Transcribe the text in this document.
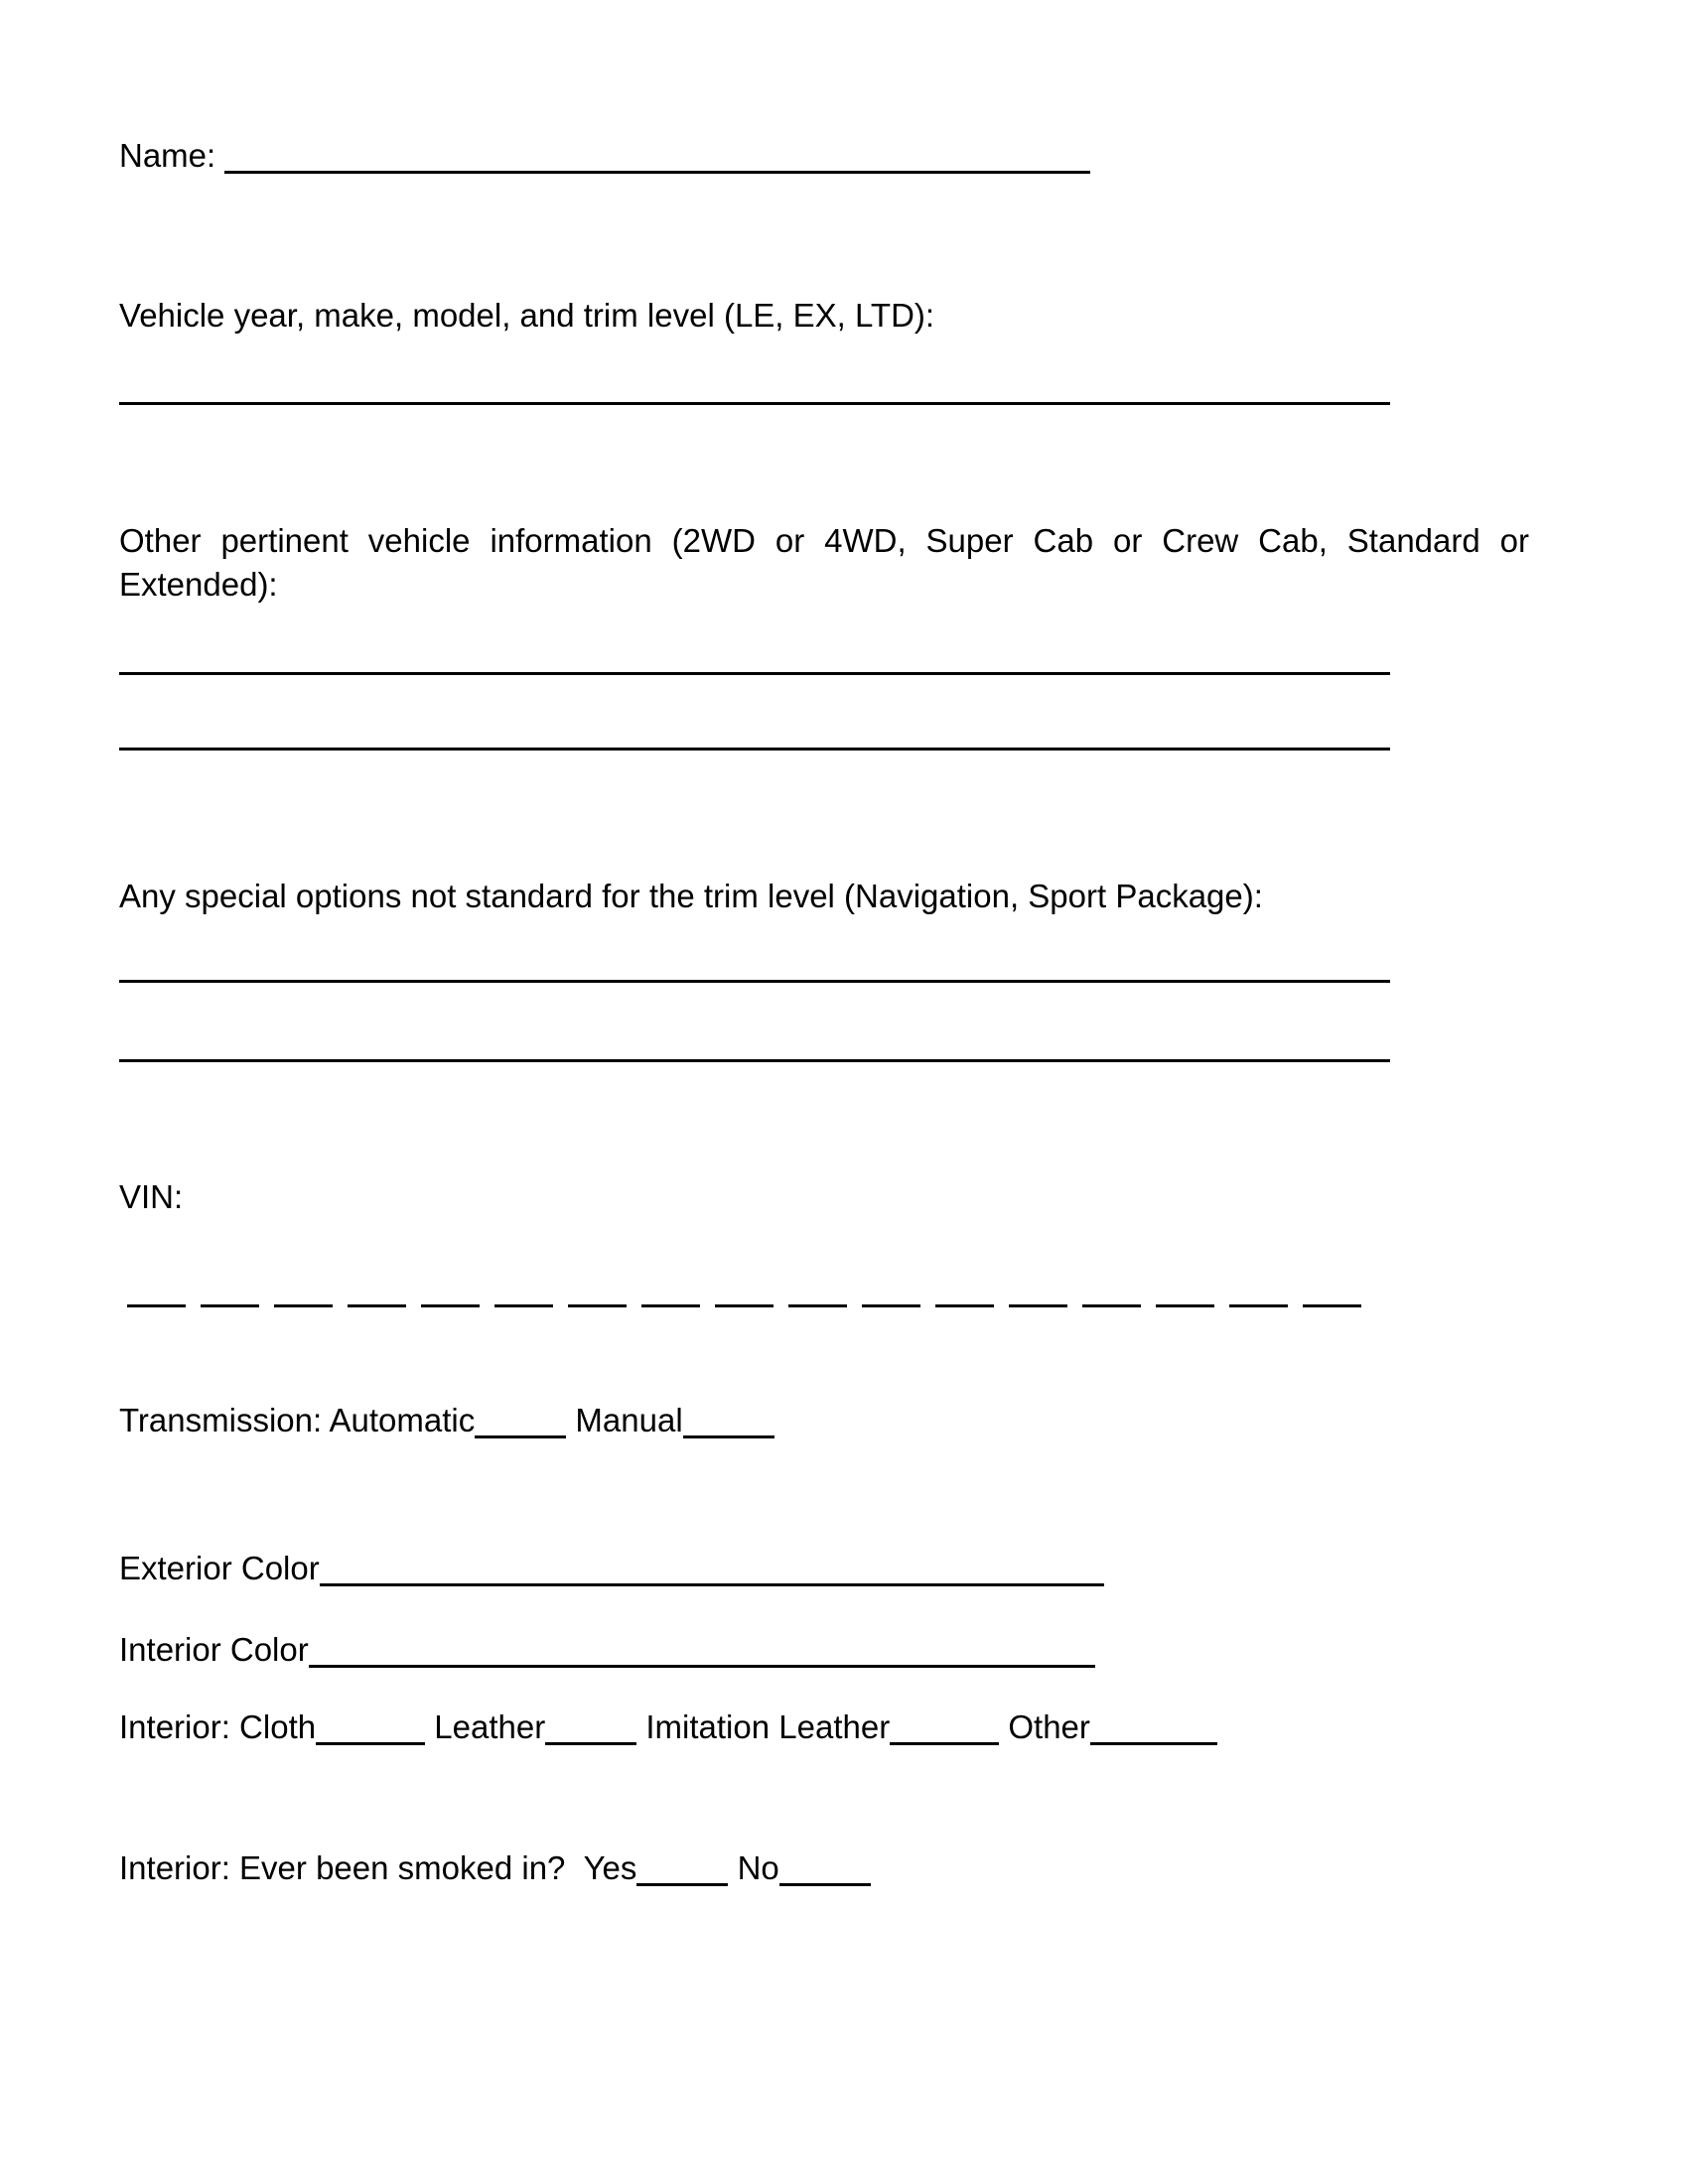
Name:
Vehicle year, make, model, and trim level (LE, EX, LTD):
Other pertinent vehicle information (2WD or 4WD, Super Cab or Crew Cab, Standard or Extended):
Any special options not standard for the trim level (Navigation, Sport Package):
VIN:
Transmission: Automatic	Manual
Exterior Color
Interior Color
Interior: Cloth	Leather	Imitation Leather	Other
Interior: Ever been smoked in? Yes	No
